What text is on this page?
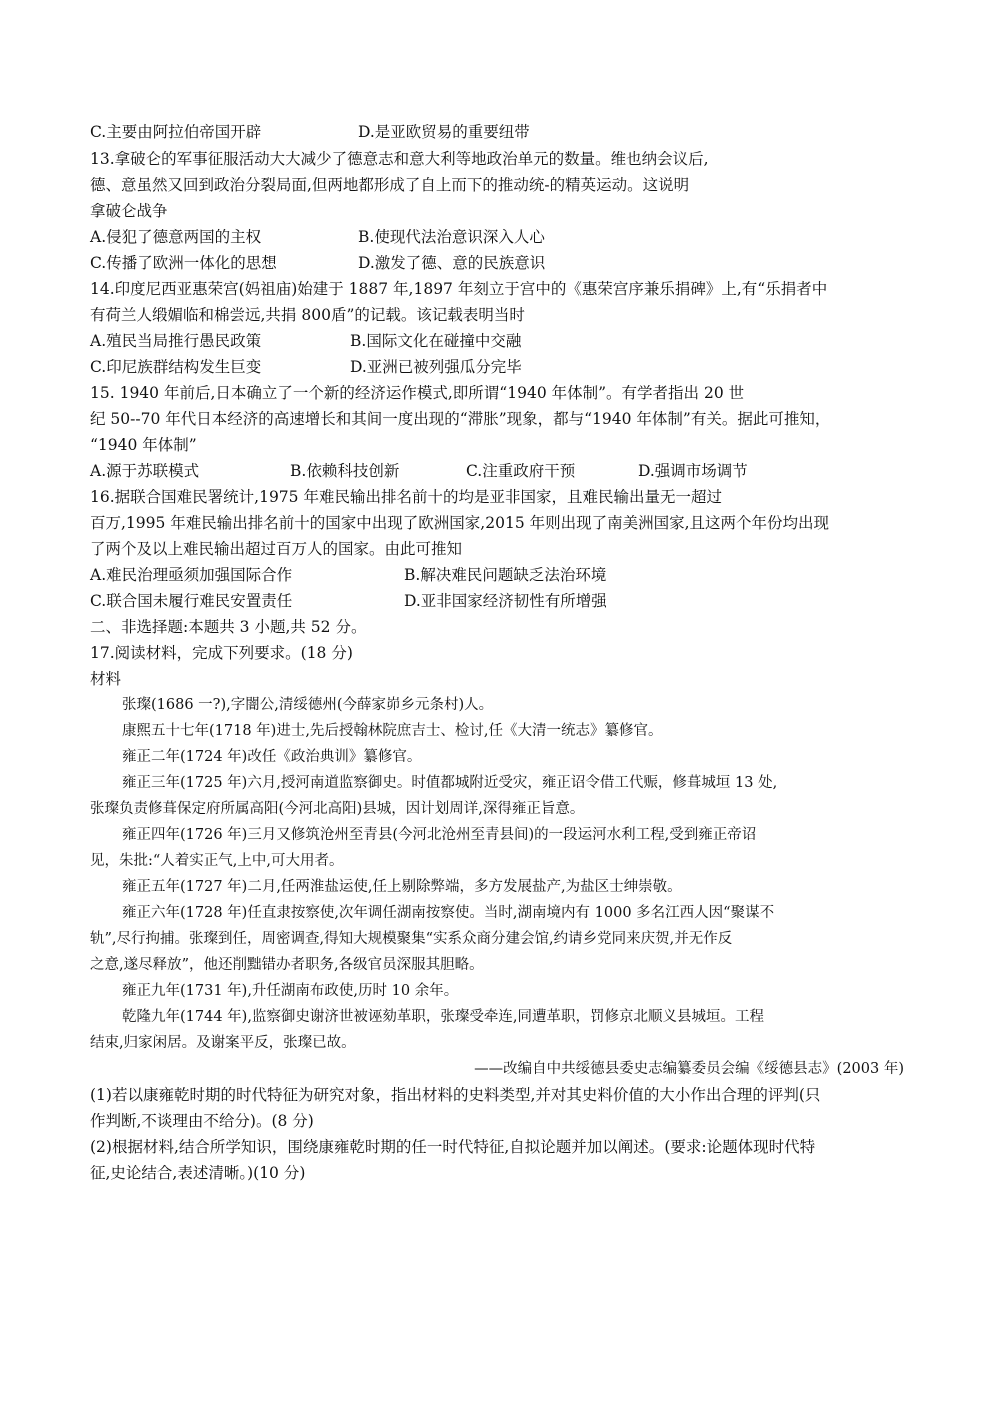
C.主要由阿拉伯帝国开辟	D.是亚欧贸易的重要纽带
13.拿破仑的军事征服活动大大减少了德意志和意大利等地政治单元的数量。维也纳会议后,
德、意虽然又回到政治分裂局面,但两地都形成了自上而下的推动统-的精英运动。这说明
拿破仑战争
A.侵犯了德意两国的主权	B.使现代法治意识深入人心
C.传播了欧洲一体化的思想	D.激发了德、意的民族意识
14.印度尼西亚惠荣宫(妈祖庙)始建于 1887 年,1897 年刻立于宫中的《惠荣宫序兼乐捐碑》上,有“乐捐者中
有荷兰人缎媚临和棉尝远,共捐 800盾”的记载。该记载表明当时
A.殖民当局推行愚民政策	B.国际文化在碰撞中交融
C.印尼族群结构发生巨变	D.亚洲已被列强瓜分完毕
15. 1940 年前后,日本确立了一个新的经济运作模式,即所谓“1940 年体制”。有学者指出 20 世
纪 50--70 年代日本经济的高速增长和其间一度出现的“滞胀”现象，都与“1940 年体制”有关。据此可推知，
“1940 年体制”
A.源于苏联模式	B.依赖科技创新	C.注重政府干预	D.强调市场调节
16.据联合国难民署统计,1975 年难民输出排名前十的均是亚非国家，且难民输出量无一超过
百万,1995 年难民输出排名前十的国家中出现了欧洲国家,2015 年则出现了南美洲国家,且这两个年份均出现
了两个及以上难民输出超过百万人的国家。由此可推知
A.难民治理亟须加强国际合作	B.解决难民问题缺乏法治环境
C.联合国未履行难民安置责任	D.亚非国家经济韧性有所增强
二、非选择题:本题共 3 小题,共 52 分。
17.阅读材料，完成下列要求。(18 分)
材料
张璨(1686 一?),字闇公,清绥德州(今薛家峁乡元条村)人。
康熙五十七年(1718 年)进士,先后授翰林院庶吉士、检讨,任《大清一统志》纂修官。
雍正二年(1724 年)改任《政治典训》纂修官。
雍正三年(1725 年)六月,授河南道监察御史。时值都城附近受灾，雍正诏令借工代赈，修葺城垣 13 处,
张璨负责修葺保定府所属高阳(今河北高阳)县城，因计划周详,深得雍正旨意。
雍正四年(1726 年)三月又修筑沧州至青县(今河北沧州至青县间)的一段运河水利工程,受到雍正帝诏
见，朱批:“人着实正气,上中,可大用者。
雍正五年(1727 年)二月,任两淮盐运使,任上剔除弊端，多方发展盐产,为盐区士绅崇敬。
雍正六年(1728 年)任直隶按察使,次年调任湖南按察使。当时,湖南境内有 1000 多名江西人因“聚谋不
轨”,尽行拘捕。张璨到任，周密调查,得知大规模聚集“实系众商分建会馆,约请乡党同来庆贺,并无作反
之意,遂尽释放”，他还削黜错办者职务,各级官员深服其胆略。
雍正九年(1731 年),升任湖南布政使,历时 10 余年。
乾隆九年(1744 年),监察御史谢济世被诬劾革职，张璨受牵连,同遭革职，罚修京北顺义县城垣。工程
结束,归家闲居。及谢案平反，张璨已故。
——改编自中共绥德县委史志编纂委员会编《绥德县志》(2003 年)
(1)若以康雍乾时期的时代特征为研究对象，指出材料的史料类型,并对其史料价值的大小作出合理的评判(只
作判断,不谈理由不给分)。(8 分)
(2)根据材料,结合所学知识，围绕康雍乾时期的任一时代特征,自拟论题并加以阐述。(要求:论题体现时代特
征,史论结合,表述清晰。)(10 分)
